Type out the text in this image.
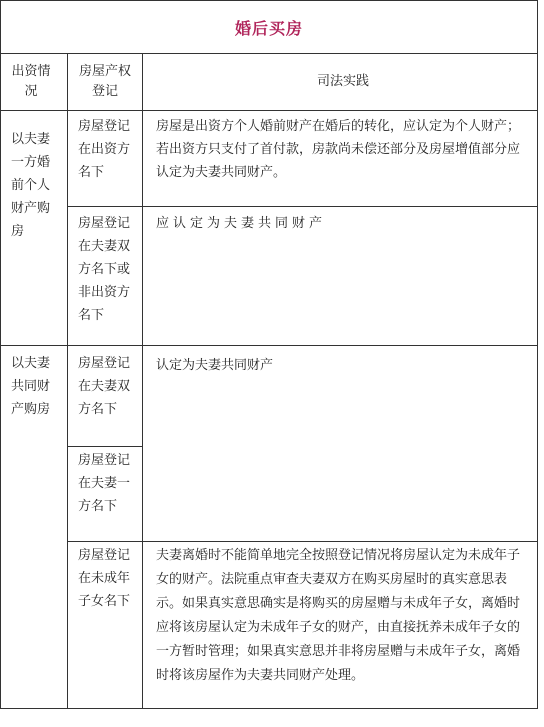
婚后买房
出资情况
房屋产权登记
司法实践
以夫妻一方婚前个人财产购房
房屋登记在出资方名下
房屋是出资方个人婚前财产在婚后的转化，应认定为个人财产；若出资方只支付了首付款，房款尚未偿还部分及房屋增值部分应认定为夫妻共同财产。
房屋登记在夫妻双方名下或非出资方名下
应认定为夫妻共同财产
以夫妻共同财产购房
房屋登记在夫妻双方名下
认定为夫妻共同财产
房屋登记在夫妻一方名下
房屋登记在未成年子女名下
夫妻离婚时不能简单地完全按照登记情况将房屋认定为未成年子女的财产。法院重点审查夫妻双方在购买房屋时的真实意思表示。如果真实意思确实是将购买的房屋赠与未成年子女，离婚时应将该房屋认定为未成年子女的财产，由直接抚养未成年子女的一方暂时管理；如果真实意思并非将房屋赠与未成年子女，离婚时将该房屋作为夫妻共同财产处理。
